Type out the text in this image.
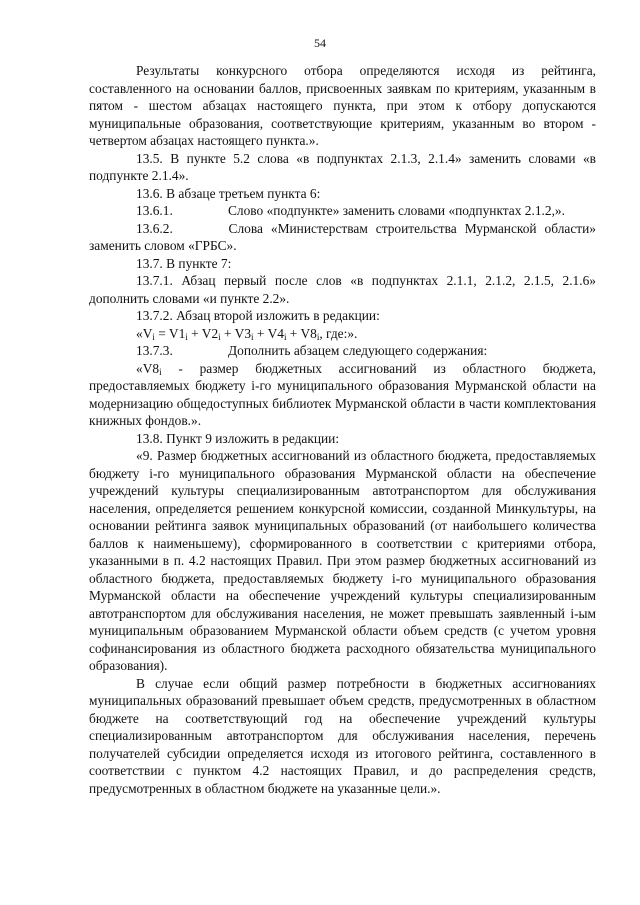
54

Результаты конкурсного отбора определяются исходя из рейтинга, составленного на основании баллов, присвоенных заявкам по критериям, указанным в пятом - шестом абзацах настоящего пункта, при этом к отбору допускаются муниципальные образования, соответствующие критериям, указанным во втором - четвертом абзацах настоящего пункта.».

13.5. В пункте 5.2 слова «в подпунктах 2.1.3, 2.1.4» заменить словами «в подпункте 2.1.4».

13.6. В абзаце третьем пункта 6:

13.6.1.	Слово «подпункте» заменить словами «подпунктах 2.1.2,».

13.6.2.	Слова «Министерствам строительства Мурманской области» заменить словом «ГРБС».

13.7. В пункте 7:

13.7.1. Абзац первый после слов «в подпунктах 2.1.1, 2.1.2, 2.1.5, 2.1.6» дополнить словами «и пункте 2.2».

13.7.2. Абзац второй изложить в редакции:

«$V_i = V1_i + V2_i + V3_i + V4_i + V8_i$, где:».

13.7.3.	Дополнить абзацем следующего содержания:

«$V8_i$ - размер бюджетных ассигнований из областного бюджета, предоставляемых бюджету i-го муниципального образования Мурманской области на модернизацию общедоступных библиотек Мурманской области в части комплектования книжных фондов.».

13.8. Пункт 9 изложить в редакции:

«9. Размер бюджетных ассигнований из областного бюджета, предоставляемых бюджету i-го муниципального образования Мурманской области на обеспечение учреждений культуры специализированным автотранспортом для обслуживания населения, определяется решением конкурсной комиссии, созданной Минкультуры, на основании рейтинга заявок муниципальных образований (от наибольшего количества баллов к наименьшему), сформированного в соответствии с критериями отбора, указанными в п. 4.2 настоящих Правил. При этом размер бюджетных ассигнований из областного бюджета, предоставляемых бюджету i-го муниципального образования Мурманской области на обеспечение учреждений культуры специализированным автотранспортом для обслуживания населения, не может превышать заявленный i-ым муниципальным образованием Мурманской области объем средств (с учетом уровня софинансирования из областного бюджета расходного обязательства муниципального образования).

В случае если общий размер потребности в бюджетных ассигнованиях муниципальных образований превышает объем средств, предусмотренных в областном бюджете на соответствующий год на обеспечение учреждений культуры специализированным автотранспортом для обслуживания населения, перечень получателей субсидии определяется исходя из итогового рейтинга, составленного в соответствии с пунктом 4.2 настоящих Правил, и до распределения средств, предусмотренных в областном бюджете на указанные цели.».
